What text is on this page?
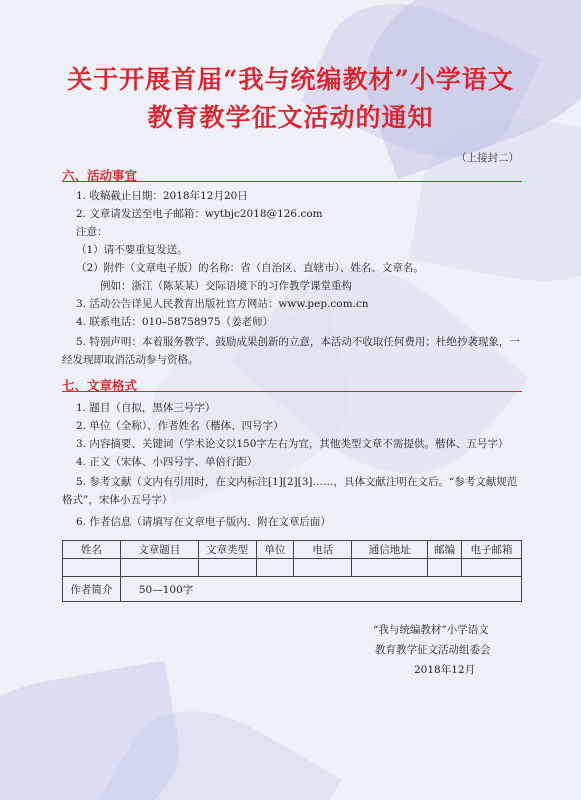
关于开展首届“我与统编教材”小学语文
教育教学征文活动的通知
（上接封二）
六、活动事宜
1. 收稿截止日期：2018年12月20日
2. 文章请发送至电子邮箱：wytbjc2018@126.com
注意：
（1）请不要重复发送。
（2）附件（文章电子版）的名称：省（自治区、直辖市）、姓名、文章名。
例如：浙江（陈某某）交际语境下的习作教学课堂重构
3. 活动公告详见人民教育出版社官方网站：www.pep.com.cn
4. 联系电话：010–58758975（姜老师）
5. 特别声明：本着服务教学、鼓励成果创新的立意，本活动不收取任何费用；杜绝抄袭现象，一经发现即取消活动参与资格。
七、文章格式
1. 题目（自拟，黑体三号字）
2. 单位（全称）、作者姓名（楷体、四号字）
3. 内容摘要、关键词（学术论文以150字左右为宜，其他类型文章不需提供。楷体、五号字）
4. 正文（宋体、小四号字、单倍行距）
5. 参考文献（文内有引用时，在文内标注[1][2][3]……，具体文献注明在文后。“参考文献规范格式”，宋体小五号字）
6. 作者信息（请填写在文章电子版内、附在文章后面）
姓名	文章题目	文章类型	单位	电话	通信地址	邮编	电子邮箱

作者简介	50—100字						
“我与统编教材”小学语文
教育教学征文活动组委会
2018年12月
